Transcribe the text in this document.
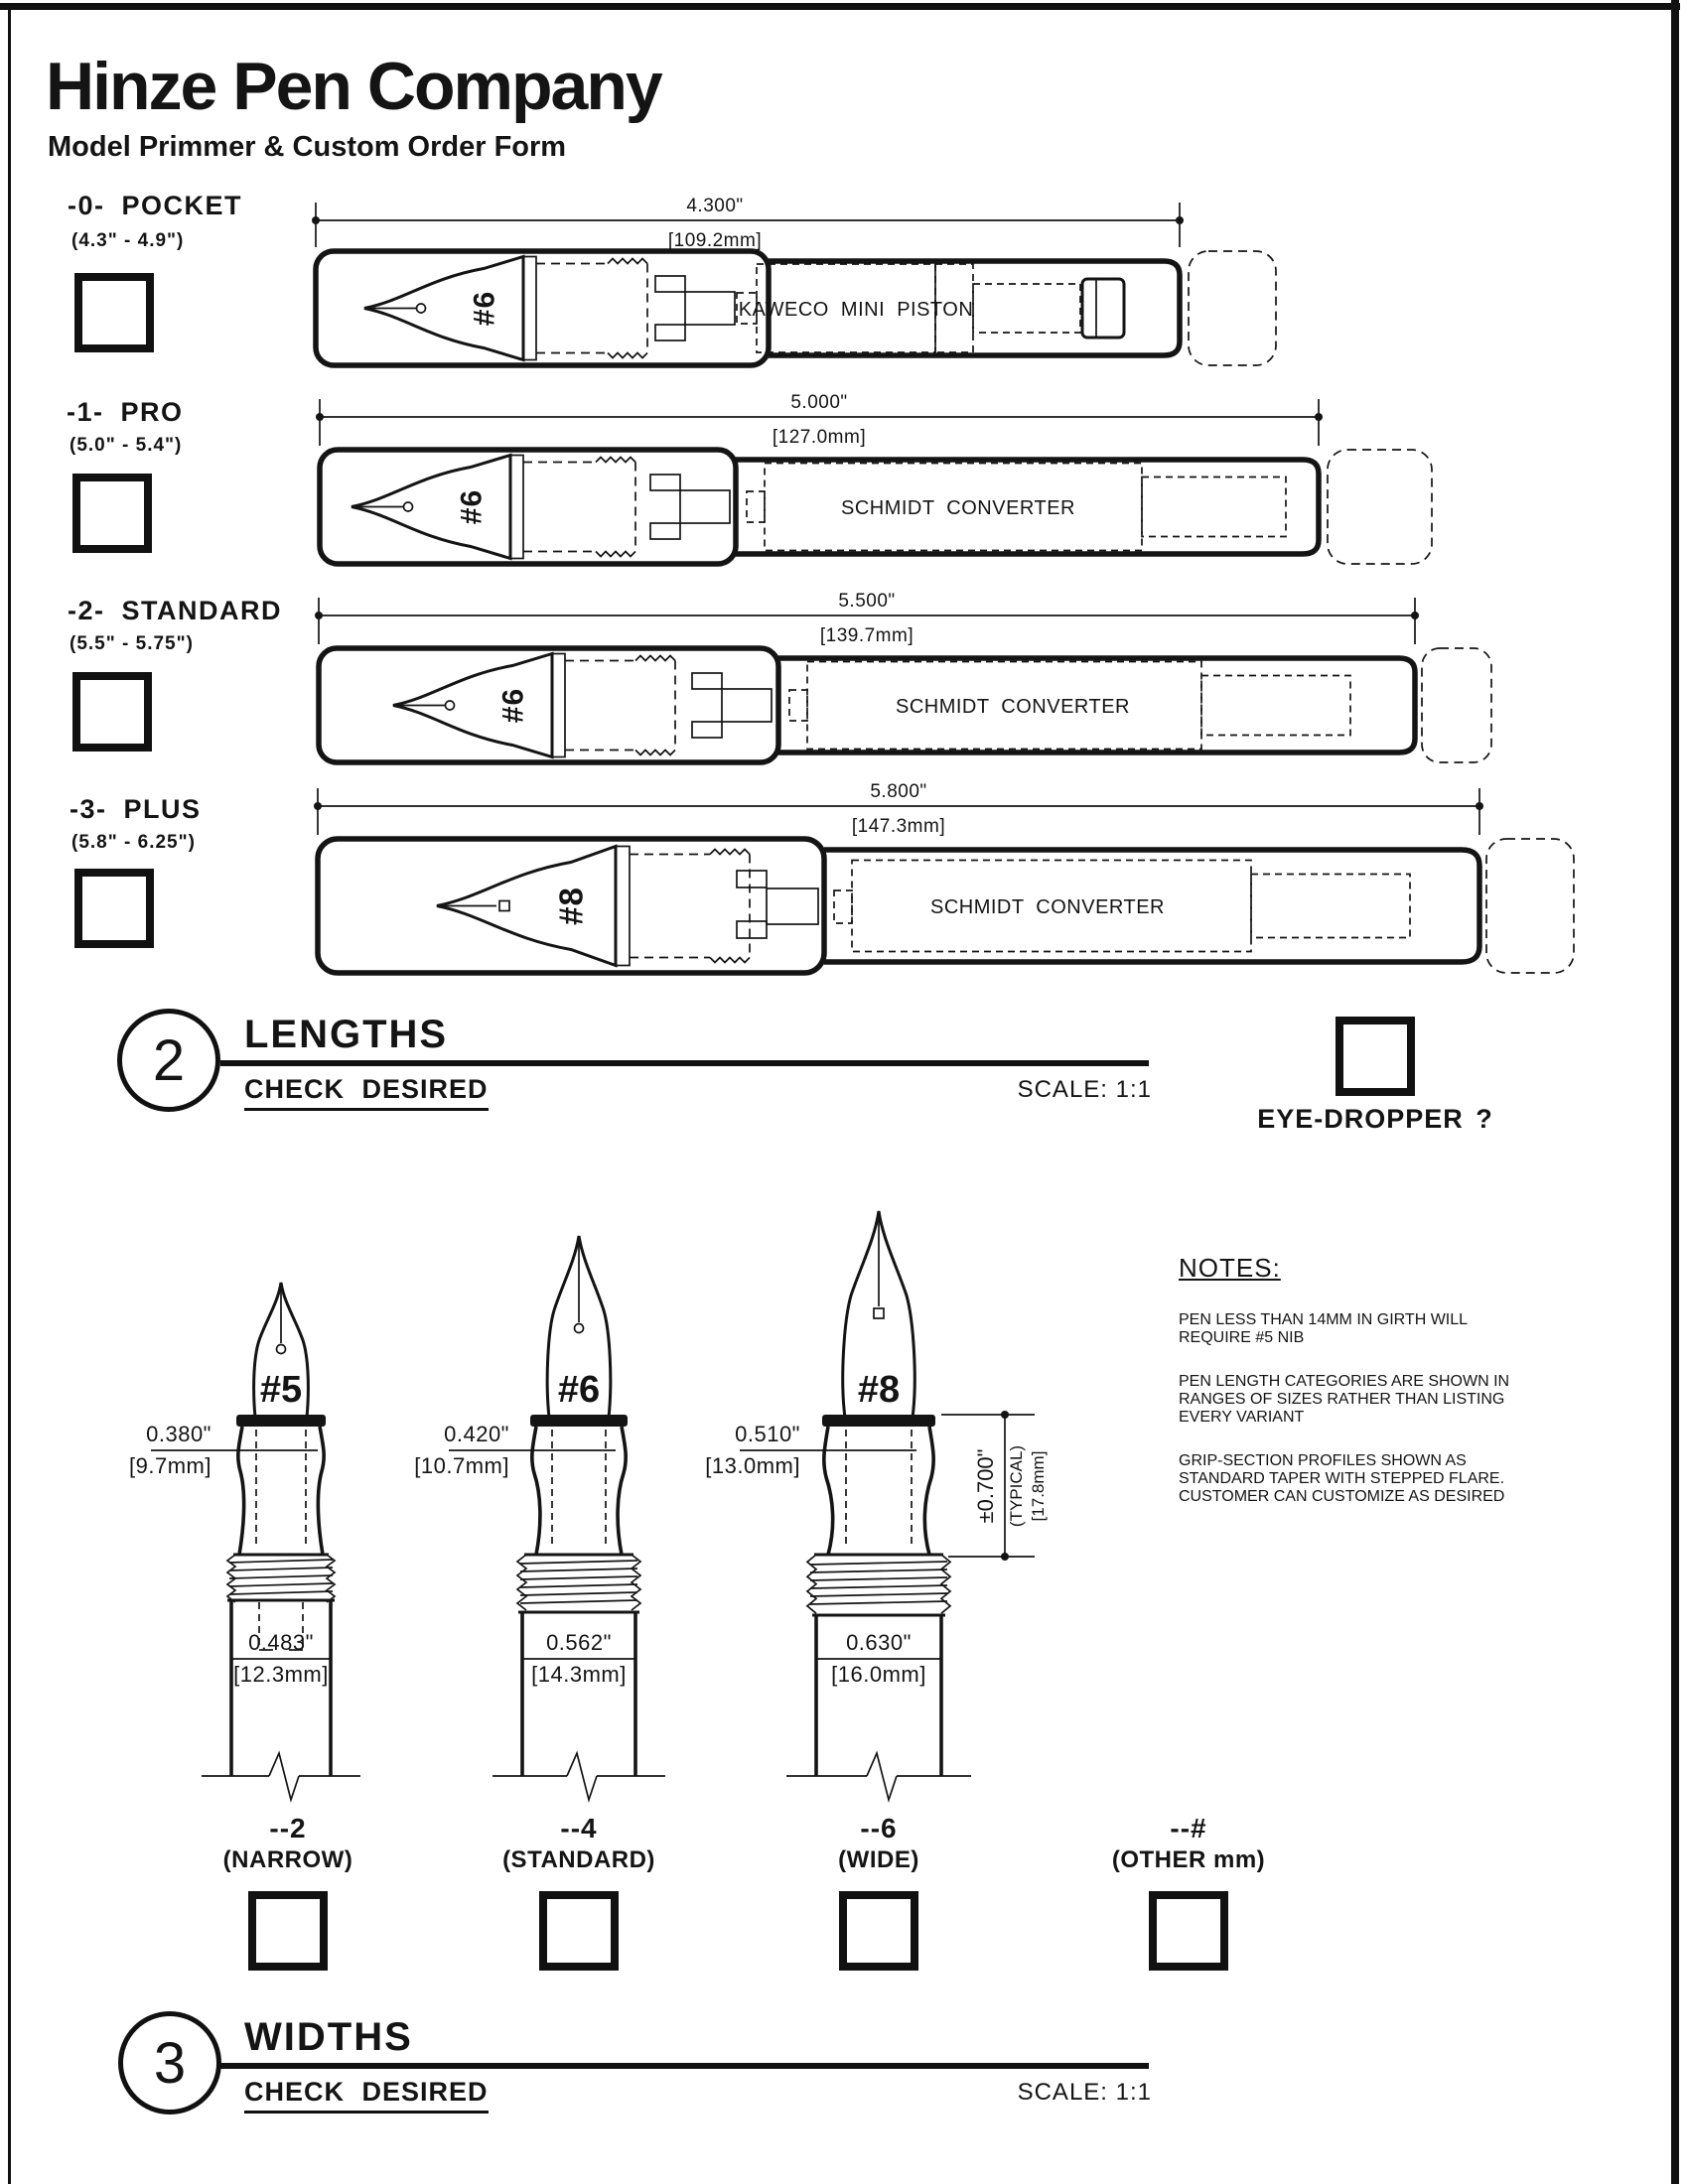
Hinze Pen Company
Model Primmer & Custom Order Form
-0- POCKET
(4.3" - 4.9")
-1- PRO
(5.0" - 5.4")
-2- STANDARD
(5.5" - 5.75")
-3- PLUS
(5.8" - 6.25")
4.300"
[109.2mm]
#6	KAWECO MINI PISTON
5.000"
[127.0mm]
#6	SCHMIDT CONVERTER
5.500"
[139.7mm]
#6	SCHMIDT CONVERTER
5.800"
[147.3mm]
#8	SCHMIDT CONVERTER
2 LENGTHS
CHECK DESIRED	SCALE: 1:1
EYE-DROPPER ?
#5
0.380"
[9.7mm]
0.483"
[12.3mm]
#6
0.420"
[10.7mm]
0.562"
[14.3mm]
#8
0.510"
[13.0mm]
0.630"
[16.0mm]
±0.700" (TYPICAL) [17.8mm]
--2
(NARROW)
--4
(STANDARD)
--6
(WIDE)
--#
(OTHER mm)
NOTES:

PEN LESS THAN 14MM IN GIRTH WILL
REQUIRE #5 NIB

PEN LENGTH CATEGORIES ARE SHOWN IN
RANGES OF SIZES RATHER THAN LISTING
EVERY VARIANT

GRIP-SECTION PROFILES SHOWN AS
STANDARD TAPER WITH STEPPED FLARE.
CUSTOMER CAN CUSTOMIZE AS DESIRED

3 WIDTHS
CHECK DESIRED	SCALE: 1:1
